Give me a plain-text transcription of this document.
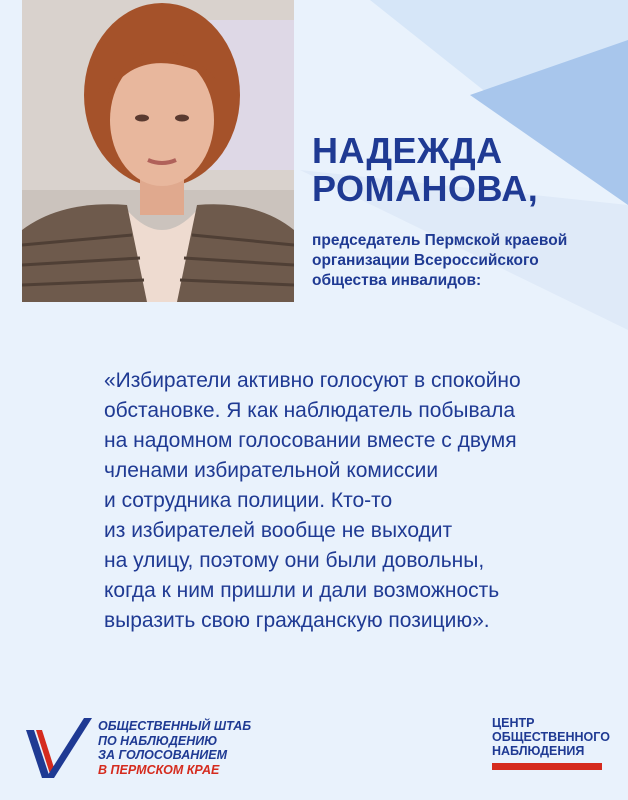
НАДЕЖДА
РОМАНОВА,

председатель Пермской краевой
организации Всероссийского
общества инвалидов:

«Избиратели активно голосуют в спокойно
обстановке. Я как наблюдатель побывала
на надомном голосовании вместе с двумя
членами избирательной комиссии
и сотрудника полиции. Кто-то
из избирателей вообще не выходит
на улицу, поэтому они были довольны,
когда к ним пришли и дали возможность
выразить свою гражданскую позицию».

ОБЩЕСТВЕННЫЙ ШТАБ
ПО НАБЛЮДЕНИЮ
ЗА ГОЛОСОВАНИЕМ
В ПЕРМСКОМ КРАЕ

ЦЕНТР
ОБЩЕСТВЕННОГО
НАБЛЮДЕНИЯ
